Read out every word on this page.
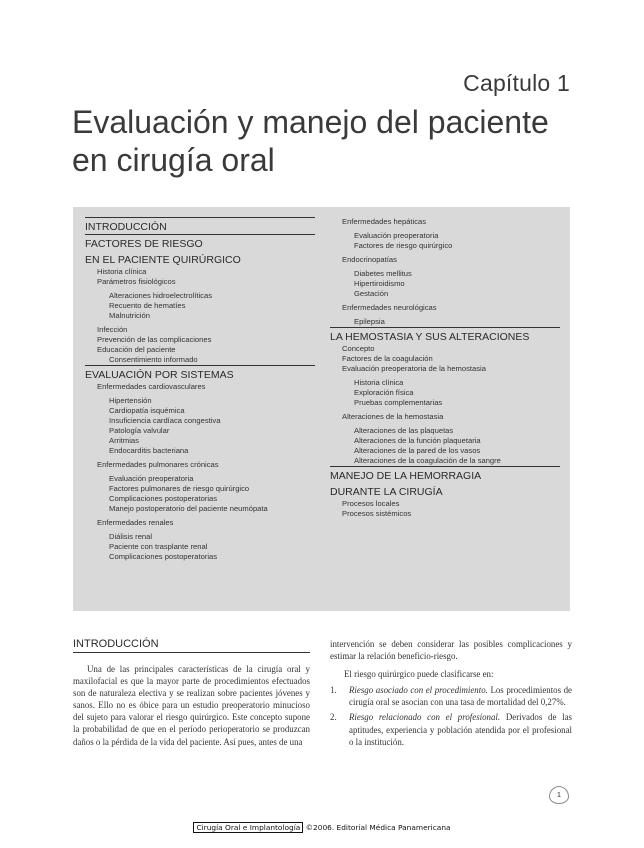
Capítulo 1
Evaluación y manejo del paciente
en cirugía oral
INTRODUCCIÓN
FACTORES DE RIESGO
EN EL PACIENTE QUIRÚRGICO
Historia clínica
Parámetros fisiológicos
Alteraciones hidroelectrolíticas
Recuento de hematíes
Malnutrición
Infección
Prevención de las complicaciones
Educación del paciente
Consentimiento informado
EVALUACIÓN POR SISTEMAS
Enfermedades cardiovasculares
Hipertensión
Cardiopatía isquémica
Insuficiencia cardíaca congestiva
Patología valvular
Arritmias
Endocarditis bacteriana
Enfermedades pulmonares crónicas
Evaluación preoperatoria
Factores pulmonares de riesgo quirúrgico
Complicaciones postoperatorias
Manejo postoperatorio del paciente neumópata
Enfermedades renales
Diálisis renal
Paciente con trasplante renal
Complicaciones postoperatorias
Enfermedades hepáticas
Evaluación preoperatoria
Factores de riesgo quirúrgico
Endocrinopatías
Diabetes mellitus
Hipertiroidismo
Gestación
Enfermedades neurológicas
Epilepsia
LA HEMOSTASIA Y SUS ALTERACIONES
Concepto
Factores de la coagulación
Evaluación preoperatoria de la hemostasia
Historia clínica
Exploración física
Pruebas complementarias
Alteraciones de la hemostasia
Alteraciones de las plaquetas
Alteraciones de la función plaquetaria
Alteraciones de la pared de los vasos
Alteraciones de la coagulación de la sangre
MANEJO DE LA HEMORRAGIA
DURANTE LA CIRUGÍA
Procesos locales
Procesos sistémicos
INTRODUCCIÓN

Una de las principales características de la cirugía oral y maxilofacial es que la mayor parte de procedimientos efectuados son de naturaleza electiva y se realizan sobre pacientes jóvenes y sanos. Ello no es óbice para un estudio preoperatorio minucioso del sujeto para valorar el riesgo quirúrgico. Este concepto supone la probabilidad de que en el período perioperatorio se produzcan daños o la pérdida de la vida del paciente. Así pues, antes de una

intervención se deben considerar las posibles complicaciones y estimar la relación beneficio-riesgo.

El riesgo quirúrgico puede clasificarse en:

1. Riesgo asociado con el procedimiento. Los procedimientos de cirugía oral se asocian con una tasa de mortalidad del 0,27%.
2. Riesgo relacionado con el profesional. Derivados de las aptitudes, experiencia y población atendida por el profesional o la institución.
1
Cirugía Oral e Implantología ©2006. Editorial Médica Panamericana
